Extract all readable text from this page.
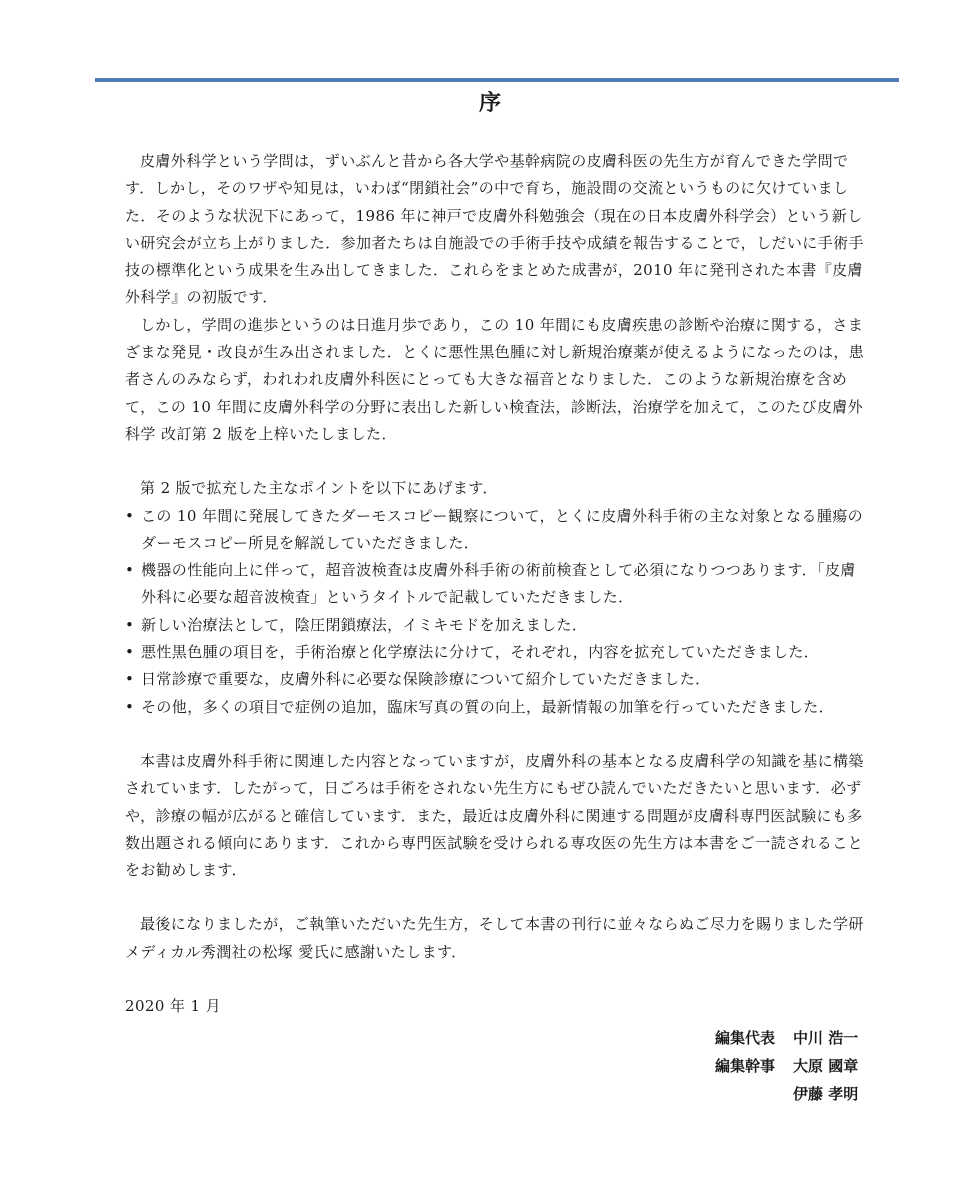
序

皮膚外科学という学問は，ずいぶんと昔から各大学や基幹病院の皮膚科医の先生方が育んできた学問です．しかし，そのワザや知見は，いわば“閉鎖社会”の中で育ち，施設間の交流というものに欠けていました．そのような状況下にあって，1986 年に神戸で皮膚外科勉強会（現在の日本皮膚外科学会）という新しい研究会が立ち上がりました．参加者たちは自施設での手術手技や成績を報告することで，しだいに手術手技の標準化という成果を生み出してきました．これらをまとめた成書が，2010 年に発刊された本書『皮膚外科学』の初版です．

しかし，学問の進歩というのは日進月歩であり，この 10 年間にも皮膚疾患の診断や治療に関する，さまざまな発見・改良が生み出されました．とくに悪性黒色腫に対し新規治療薬が使えるようになったのは，患者さんのみならず，われわれ皮膚外科医にとっても大きな福音となりました．このような新規治療を含めて，この 10 年間に皮膚外科学の分野に表出した新しい検査法，診断法，治療学を加えて，このたび皮膚外科学 改訂第 2 版を上梓いたしました．

第 2 版で拡充した主なポイントを以下にあげます．

• この 10 年間に発展してきたダーモスコピー観察について，とくに皮膚外科手術の主な対象となる腫瘍のダーモスコピー所見を解説していただきました．
• 機器の性能向上に伴って，超音波検査は皮膚外科手術の術前検査として必須になりつつあります．「皮膚外科に必要な超音波検査」というタイトルで記載していただきました．
• 新しい治療法として，陰圧閉鎖療法，イミキモドを加えました．
• 悪性黒色腫の項目を，手術治療と化学療法に分けて，それぞれ，内容を拡充していただきました．
• 日常診療で重要な，皮膚外科に必要な保険診療について紹介していただきました．
• その他，多くの項目で症例の追加，臨床写真の質の向上，最新情報の加筆を行っていただきました．

本書は皮膚外科手術に関連した内容となっていますが，皮膚外科の基本となる皮膚科学の知識を基に構築されています．したがって，日ごろは手術をされない先生方にもぜひ読んでいただきたいと思います．必ずや，診療の幅が広がると確信しています．また，最近は皮膚外科に関連する問題が皮膚科専門医試験にも多数出題される傾向にあります．これから専門医試験を受けられる専攻医の先生方は本書をご一読されることをお勧めします．

最後になりましたが，ご執筆いただいた先生方，そして本書の刊行に並々ならぬご尽力を賜りました学研メディカル秀潤社の松塚 愛氏に感謝いたします．

2020 年 1 月

編集代表 中川 浩一
編集幹事 大原 國章
伊藤 孝明
